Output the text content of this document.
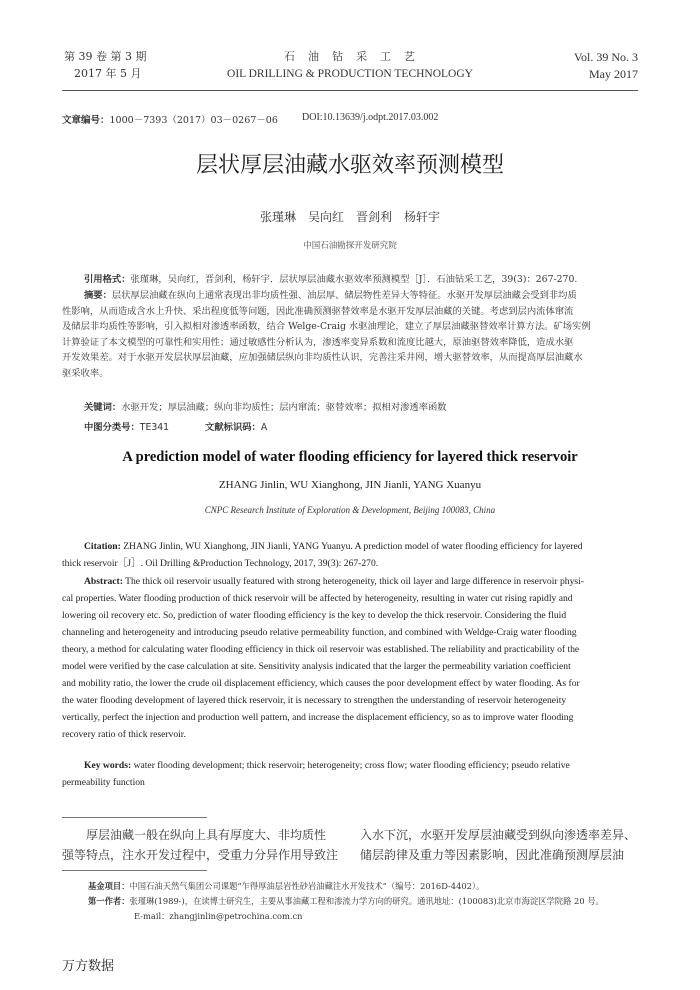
第 39 卷 第 3 期
2017 年 5 月
石　油　钻　采　工　艺
OIL DRILLING & PRODUCTION TECHNOLOGY
Vol. 39 No. 3
May 2017
文章编号：1000－7393（2017）03－0267－06 DOI:10.13639/j.odpt.2017.03.002
层状厚层油藏水驱效率预测模型
张瑾琳　吴向红　晋剑利　杨轩宇
中国石油勘探开发研究院
引用格式：张瑾琳，吴向红，晋剑利，杨轩宇．层状厚层油藏水驱效率预测模型［J］．石油钻采工艺，39(3)：267-270.
摘要：层状厚层油藏在纵向上通常表现出非均质性强、油层厚、储层物性差异大等特征。水驱开发厚层油藏会受到非均质
性影响，从而造成含水上升快、采出程度低等问题，因此准确预测驱替效率是水驱开发厚层油藏的关键。考虑到层内流体窜流
及储层非均质性等影响，引入拟相对渗透率函数，结合 Welge-Craig 水驱油理论，建立了厚层油藏驱替效率计算方法。矿场实例
计算验证了本文模型的可靠性和实用性；通过敏感性分析认为，渗透率变异系数和流度比越大，原油驱替效率降低，造成水驱
开发效果差。对于水驱开发层状厚层油藏，应加强储层纵向非均质性认识，完善注采井网，增大驱替效率，从而提高厚层油藏水
驱采收率。
关键词：水驱开发；厚层油藏；纵向非均质性；层内窜流；驱替效率；拟相对渗透率函数
中图分类号：TE341	文献标识码：A
A prediction model of water flooding efficiency for layered thick reservoir
ZHANG Jinlin, WU Xianghong, JIN Jianli, YANG Xuanyu
CNPC Research Institute of Exploration & Development, Beijing 100083, China
Citation: ZHANG Jinlin, WU Xianghong, JIN Jianli, YANG Yuanyu. A prediction model of water flooding efficiency for layered
thick reservoir［J］. Oil Drilling &Production Technology, 2017, 39(3): 267-270.
Abstract: The thick oil reservoir usually featured with strong heterogeneity, thick oil layer and large difference in reservoir physi-
cal properties. Water flooding production of thick reservoir will be affected by heterogeneity, resulting in water cut rising rapidly and
lowering oil recovery etc. So, prediction of water flooding efficiency is the key to develop the thick reservoir. Considering the fluid
channeling and heterogeneity and introducing pseudo relative permeability function, and combined with Weldge-Craig water flooding
theory, a method for calculating water flooding efficiency in thick oil reservoir was established. The reliability and practicability of the
model were verified by the case calculation at site. Sensitivity analysis indicated that the larger the permeability variation coefficient
and mobility ratio, the lower the crude oil displacement efficiency, which causes the poor development effect by water flooding. As for
the water flooding development of layered thick reservoir, it is necessary to strengthen the understanding of reservoir heterogeneity
vertically, perfect the injection and production well pattern, and increase the displacement efficiency, so as to improve water flooding
recovery ratio of thick reservoir.
Key words: water flooding development; thick reservoir; heterogeneity; cross flow; water flooding efficiency; pseudo relative
permeability function
厚层油藏一般在纵向上具有厚度大、非均质性
强等特点，注水开发过程中，受重力分异作用导致注
入水下沉，水驱开发厚层油藏受到纵向渗透率差异、
储层韵律及重力等因素影响，因此准确预测厚层油
基金项目：中国石油天然气集团公司课题“乍得厚油层岩性砂岩油藏注水开发技术”（编号：2016D-4402）。
第一作者：张瑾琳(1989-)，在读博士研究生，主要从事油藏工程和渗流力学方向的研究。通讯地址：(100083)北京市海淀区学院路 20 号。
E-mail：zhangjinlin@petrochina.com.cn
万方数据
